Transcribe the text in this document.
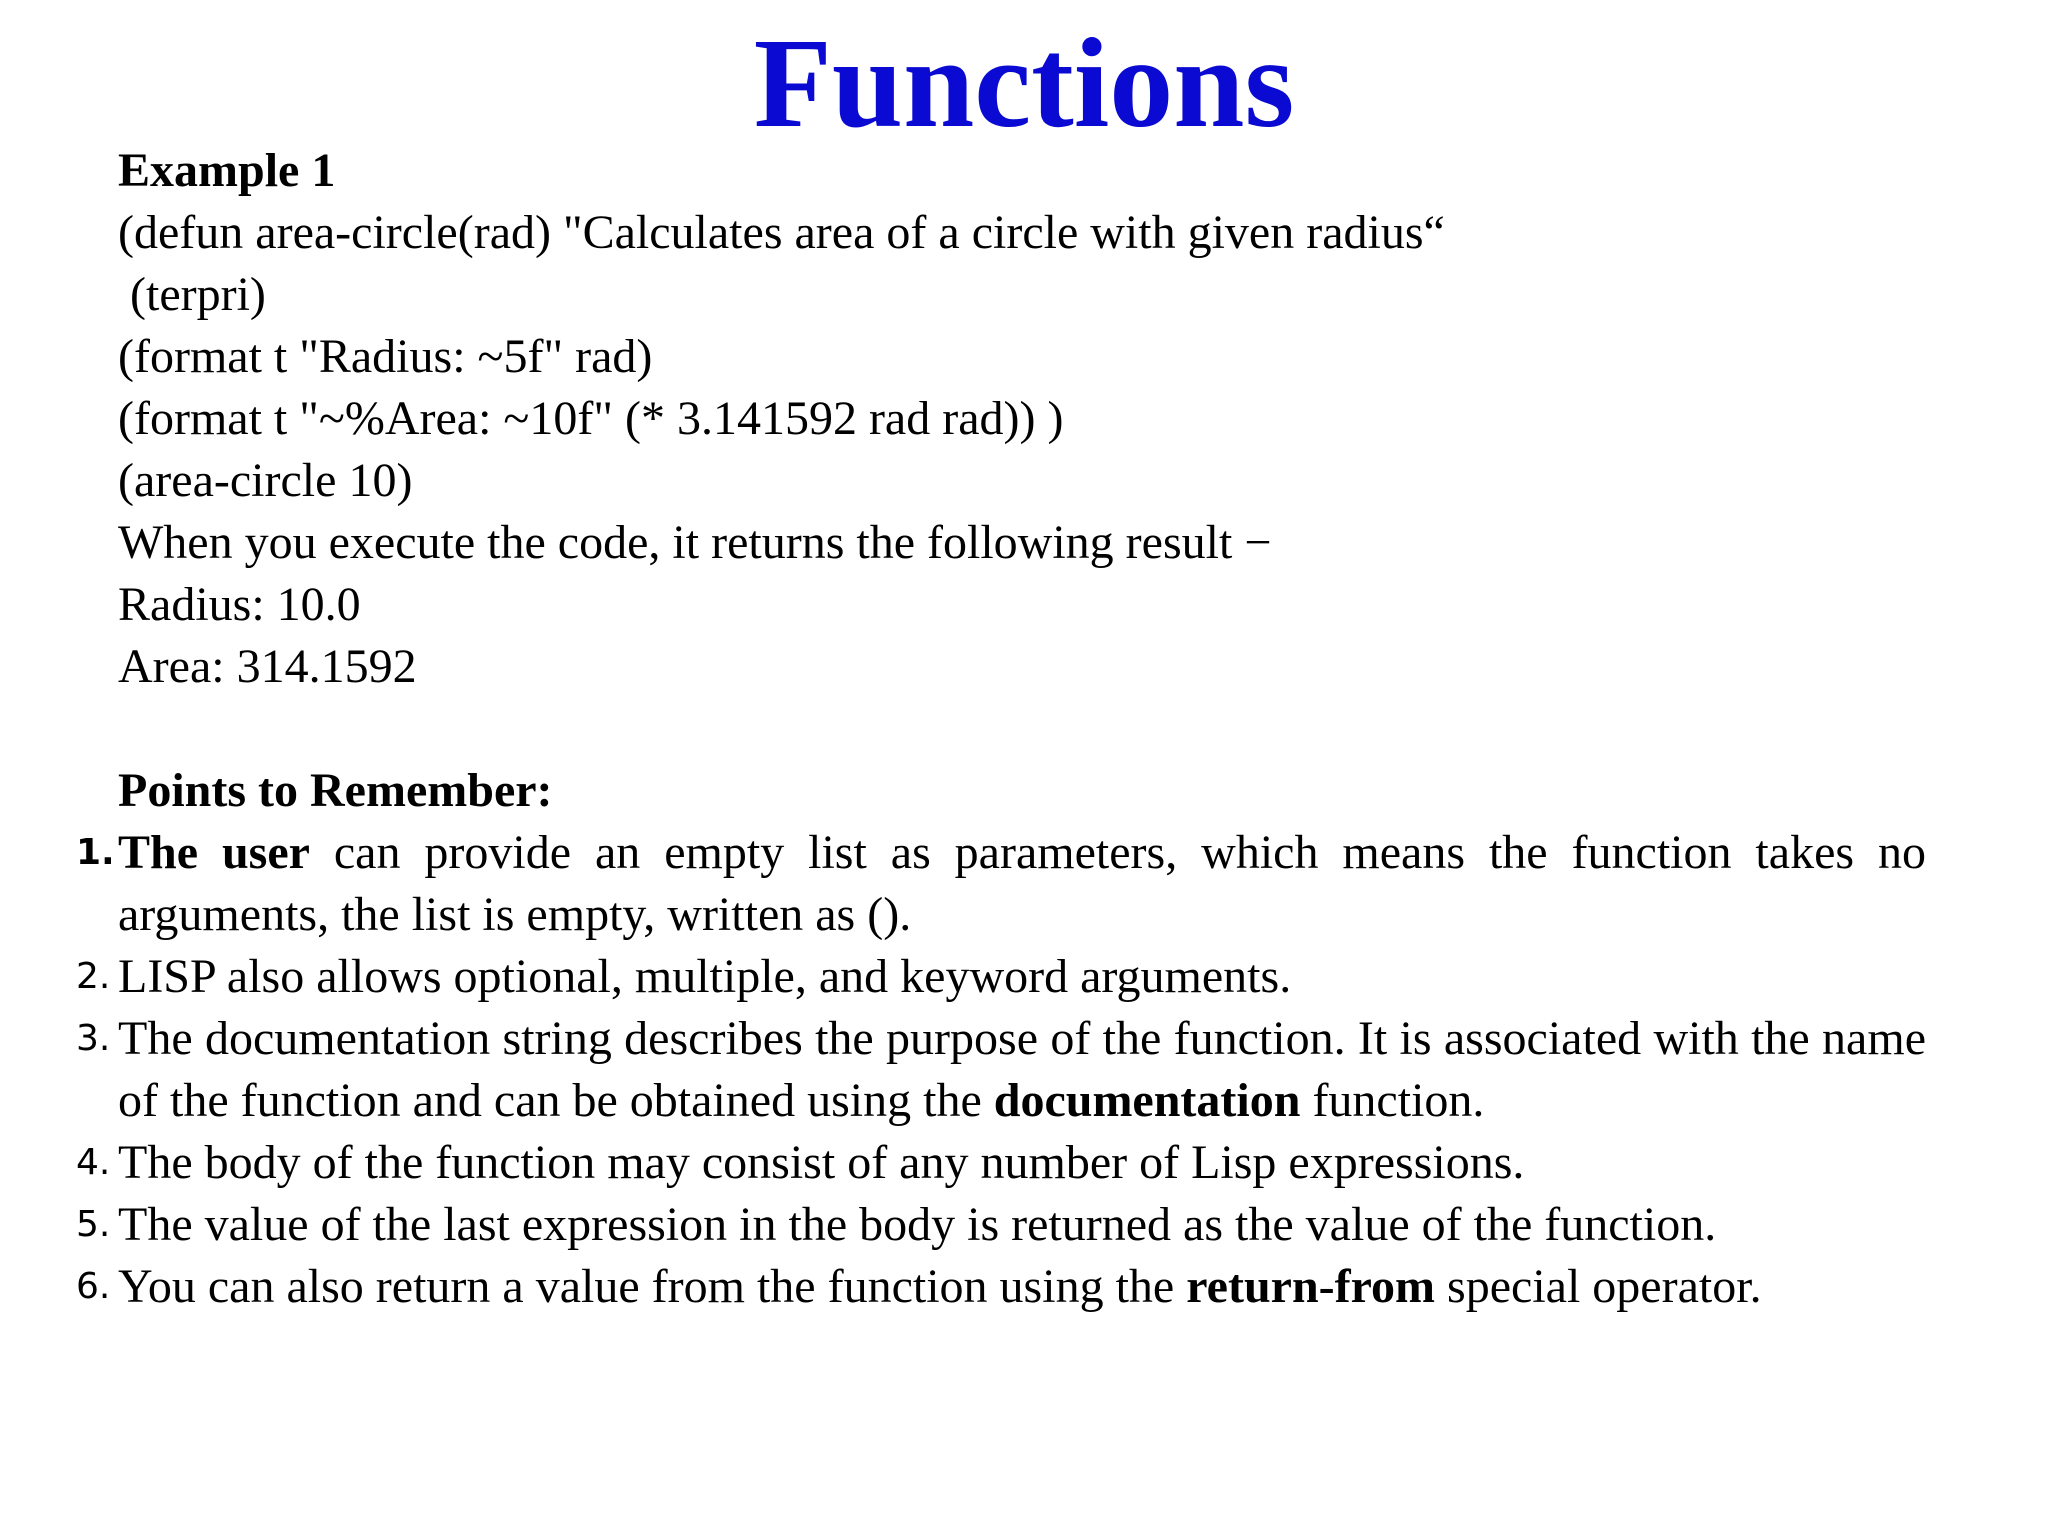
Functions
Example 1
(defun area-circle(rad) "Calculates area of a circle with given radius“
(terpri)
(format t "Radius: ~5f" rad)
(format t "~%Area: ~10f" (* 3.141592 rad rad)) )
(area-circle 10)
When you execute the code, it returns the following result −
Radius: 10.0
Area: 314.1592
Points to Remember:
1. The user can provide an empty list as parameters, which means the function takes no arguments, the list is empty, written as ().
2. LISP also allows optional, multiple, and keyword arguments.
3. The documentation string describes the purpose of the function. It is associated with the name of the function and can be obtained using the documentation function.
4. The body of the function may consist of any number of Lisp expressions.
5. The value of the last expression in the body is returned as the value of the function.
6. You can also return a value from the function using the return-from special operator.
